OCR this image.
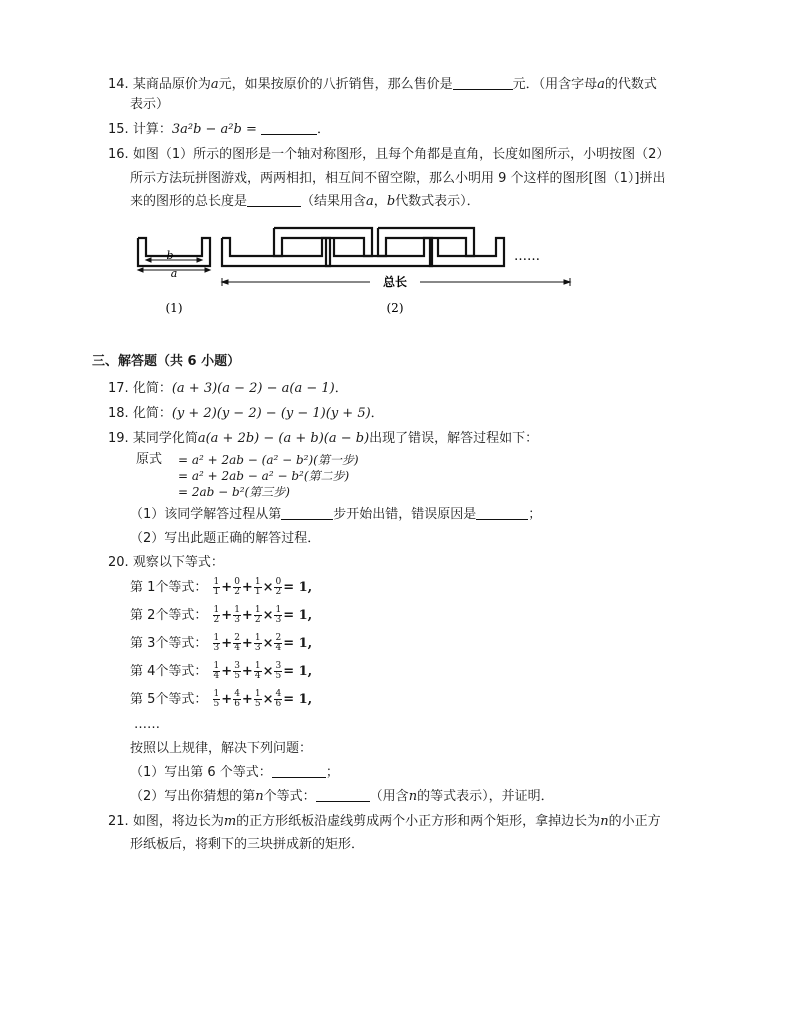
14. 某商品原价为a元，如果按原价的八折销售，那么售价是	元．（用含字母a的代数式
表示）
15. 计算：3a²b − a²b =	．
16. 如图（1）所示的图形是一个轴对称图形，且每个角都是直角，长度如图所示，小明按图（2）
所示方法玩拼图游戏，两两相扣，相互间不留空隙，那么小明用 9 个这样的图形[图（1）]拼出
来的图形的总长度是	（结果用含a，b代数式表示）．
b
a
(1)
……
总长
(2)
三、解答题（共 6 小题）
17. 化简：(a + 3)(a − 2) − a(a − 1)．
18. 化简：(y + 2)(y − 2) − (y − 1)(y + 5)．
19. 某同学化简a(a + 2b) − (a + b)(a − b)出现了错误，解答过程如下：
原式 = a² + 2ab − (a² − b²)(第一步)
= a² + 2ab − a² − b²(第二步)
= 2ab − b²(第三步)
（1）该同学解答过程从第	步开始出错，错误原因是	；
（2）写出此题正确的解答过程．
20. 观察以下等式：
第 1个等式： $\frac{1}{1} + \frac{0}{2} + \frac{1}{1} \times \frac{0}{2} = 1$,
第 2个等式： $\frac{1}{2} + \frac{1}{3} + \frac{1}{2} \times \frac{1}{3} = 1$,
第 3个等式： $\frac{1}{3} + \frac{2}{4} + \frac{1}{3} \times \frac{2}{4} = 1$,
第 4个等式： $\frac{1}{4} + \frac{3}{5} + \frac{1}{4} \times \frac{3}{5} = 1$,
第 5个等式： $\frac{1}{5} + \frac{4}{6} + \frac{1}{5} \times \frac{4}{6} = 1$,
……
按照以上规律，解决下列问题：
（1）写出第 6 个等式：	；
（2）写出你猜想的第n个等式：	（用含n的等式表示），并证明．
21. 如图，将边长为m的正方形纸板沿虚线剪成两个小正方形和两个矩形，拿掉边长为n的小正方
形纸板后，将剩下的三块拼成新的矩形．
